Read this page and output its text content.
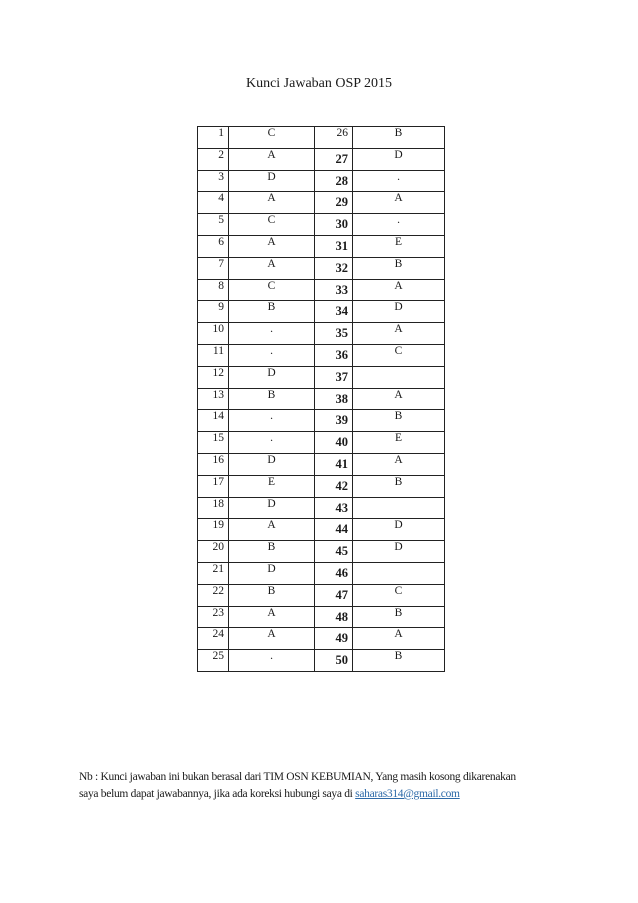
Kunci Jawaban OSP 2015
1	C	26	B
2	A	27	D
3	D	28	.
4	A	29	A
5	C	30	.
6	A	31	E
7	A	32	B
8	C	33	A
9	B	34	D
10	.	35	A
11	.	36	C
12	D	37	
13	B	38	A
14	.	39	B
15	.	40	E
16	D	41	A
17	E	42	B
18	D	43	
19	A	44	D
20	B	45	D
21	D	46	
22	B	47	C
23	A	48	B
24	A	49	A
25	.	50	B
Nb : Kunci jawaban ini bukan berasal dari TIM OSN KEBUMIAN, Yang masih kosong dikarenakan
saya belum dapat jawabannya, jika ada koreksi hubungi saya di saharas314@gmail.com
